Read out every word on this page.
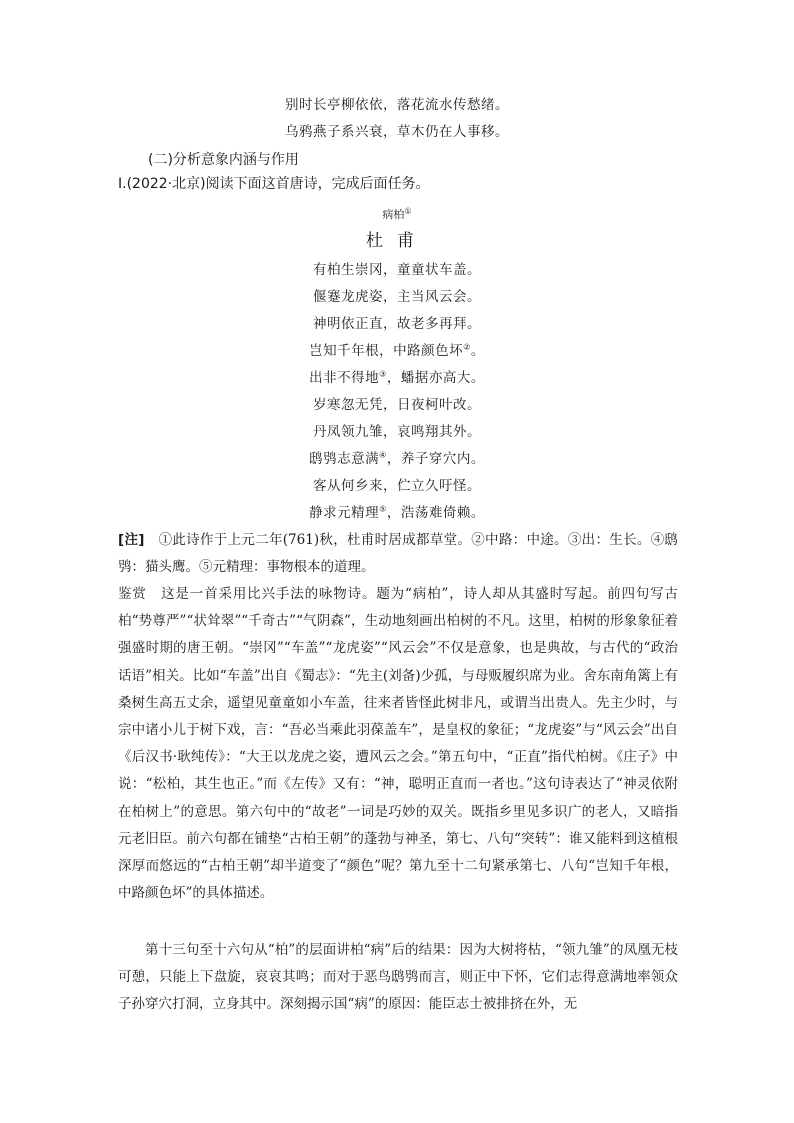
别时长亭柳依依，落花流水传愁绪。
乌鸦燕子系兴衰，草木仍在人事移。
(二)分析意象内涵与作用
Ⅰ.(2022·北京)阅读下面这首唐诗，完成后面任务。
病柏①
杜甫
有柏生崇冈，童童状车盖。
偃蹇龙虎姿，主当风云会。
神明依正直，故老多再拜。
岂知千年根，中路颜色坏②。
出非不得地③，蟠据亦高大。
岁寒忽无凭，日夜柯叶改。
丹凤领九雏，哀鸣翔其外。
鸱鸮志意满④，养子穿穴内。
客从何乡来，伫立久吁怪。
静求元精理⑤，浩荡难倚赖。
[注]　 ①此诗作于上元二年(761)秋，杜甫时居成都草堂。②中路：中途。③出：生长。④鸱鸮：猫头鹰。⑤元精理：事物根本的道理。
鉴赏　 这是一首采用比兴手法的咏物诗。题为“病柏”，诗人却从其盛时写起。前四句写古柏“势尊严”“状耸翠”“千奇古”“气阴森”，生动地刻画出柏树的不凡。这里，柏树的形象象征着强盛时期的唐王朝。“崇冈”“车盖”“龙虎姿”“风云会”不仅是意象，也是典故，与古代的“政治话语”相关。比如“车盖”出自《蜀志》：“先主(刘备)少孤，与母贩履织席为业。舍东南角篱上有桑树生高五丈余，遥望见童童如小车盖，往来者皆怪此树非凡，或谓当出贵人。先主少时，与宗中诸小儿于树下戏，言：“吾必当乘此羽葆盖车”，是皇权的象征；“龙虎姿”与“风云会”出自《后汉书·耿纯传》：“大王以龙虎之姿，遭风云之会。”第五句中，“正直”指代柏树。《庄子》中说：“松柏，其生也正。”而《左传》又有：“神，聪明正直而一者也。”这句诗表达了“神灵依附在柏树上”的意思。第六句中的“故老”一词是巧妙的双关。既指乡里见多识广的老人，又暗指元老旧臣。前六句都在铺垫“古柏王朝”的蓬勃与神圣，第七、八句“突转”：谁又能料到这植根深厚而悠远的“古柏王朝”却半道变了“颜色”呢？第九至十二句紧承第七、八句“岂知千年根，中路颜色坏”的具体描述。
第十三句至十六句从“柏”的层面讲柏“病”后的结果：因为大树将枯，“领九雏”的凤凰无枝可憩，只能上下盘旋，哀哀其鸣；而对于恶鸟鸱鸮而言，则正中下怀，它们志得意满地率领众子孙穿穴打洞，立身其中。深刻揭示国“病”的原因：能臣志士被排挤在外，无
